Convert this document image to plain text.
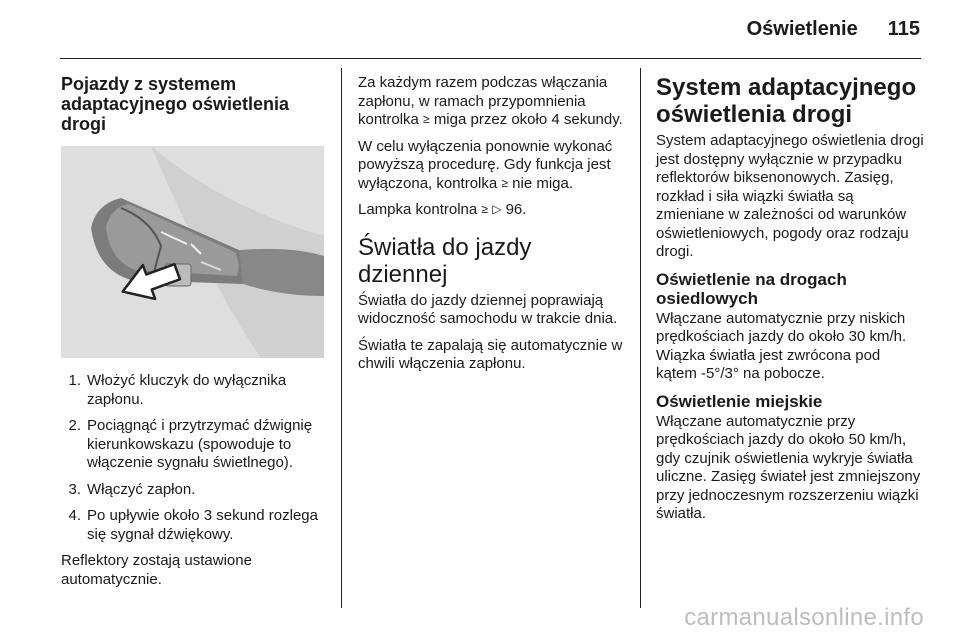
Oświetlenie 115
Pojazdy z systemem adaptacyjnego oświetlenia drogi
1. Włożyć kluczyk do wyłącznika zapłonu.
2. Pociągnąć i przytrzymać dźwignię kierunkowskazu (spowoduje to włączenie sygnału świetlnego).
3. Włączyć zapłon.
4. Po upływie około 3 sekund rozlega się sygnał dźwiękowy.

Reflektory zostają ustawione automatycznie.

Za każdym razem podczas włączania zapłonu, w ramach przypomnienia kontrolka ≥ miga przez około 4 sekundy.

W celu wyłączenia ponownie wykonać powyższą procedurę. Gdy funkcja jest wyłączona, kontrolka ≥ nie miga.

Lampka kontrolna ≥ ▷ 96.

Światła do jazdy dziennej

Światła do jazdy dziennej poprawiają widoczność samochodu w trakcie dnia.

Światła te zapalają się automatycznie w chwili włączenia zapłonu.

System adaptacyjnego oświetlenia drogi

System adaptacyjnego oświetlenia drogi jest dostępny wyłącznie w przypadku reflektorów biksenonowych. Zasięg, rozkład i siła wiązki światła są zmieniane w zależności od warunków oświetleniowych, pogody oraz rodzaju drogi.

Oświetlenie na drogach osiedlowych

Włączane automatycznie przy niskich prędkościach jazdy do około 30 km/h. Wiązka światła jest zwrócona pod kątem -5°/3° na pobocze.

Oświetlenie miejskie

Włączane automatycznie przy prędkościach jazdy do około 50 km/h, gdy czujnik oświetlenia wykryje światła uliczne. Zasięg świateł jest zmniejszony przy jednoczesnym rozszerzeniu wiązki światła.

carmanualsonline.info
